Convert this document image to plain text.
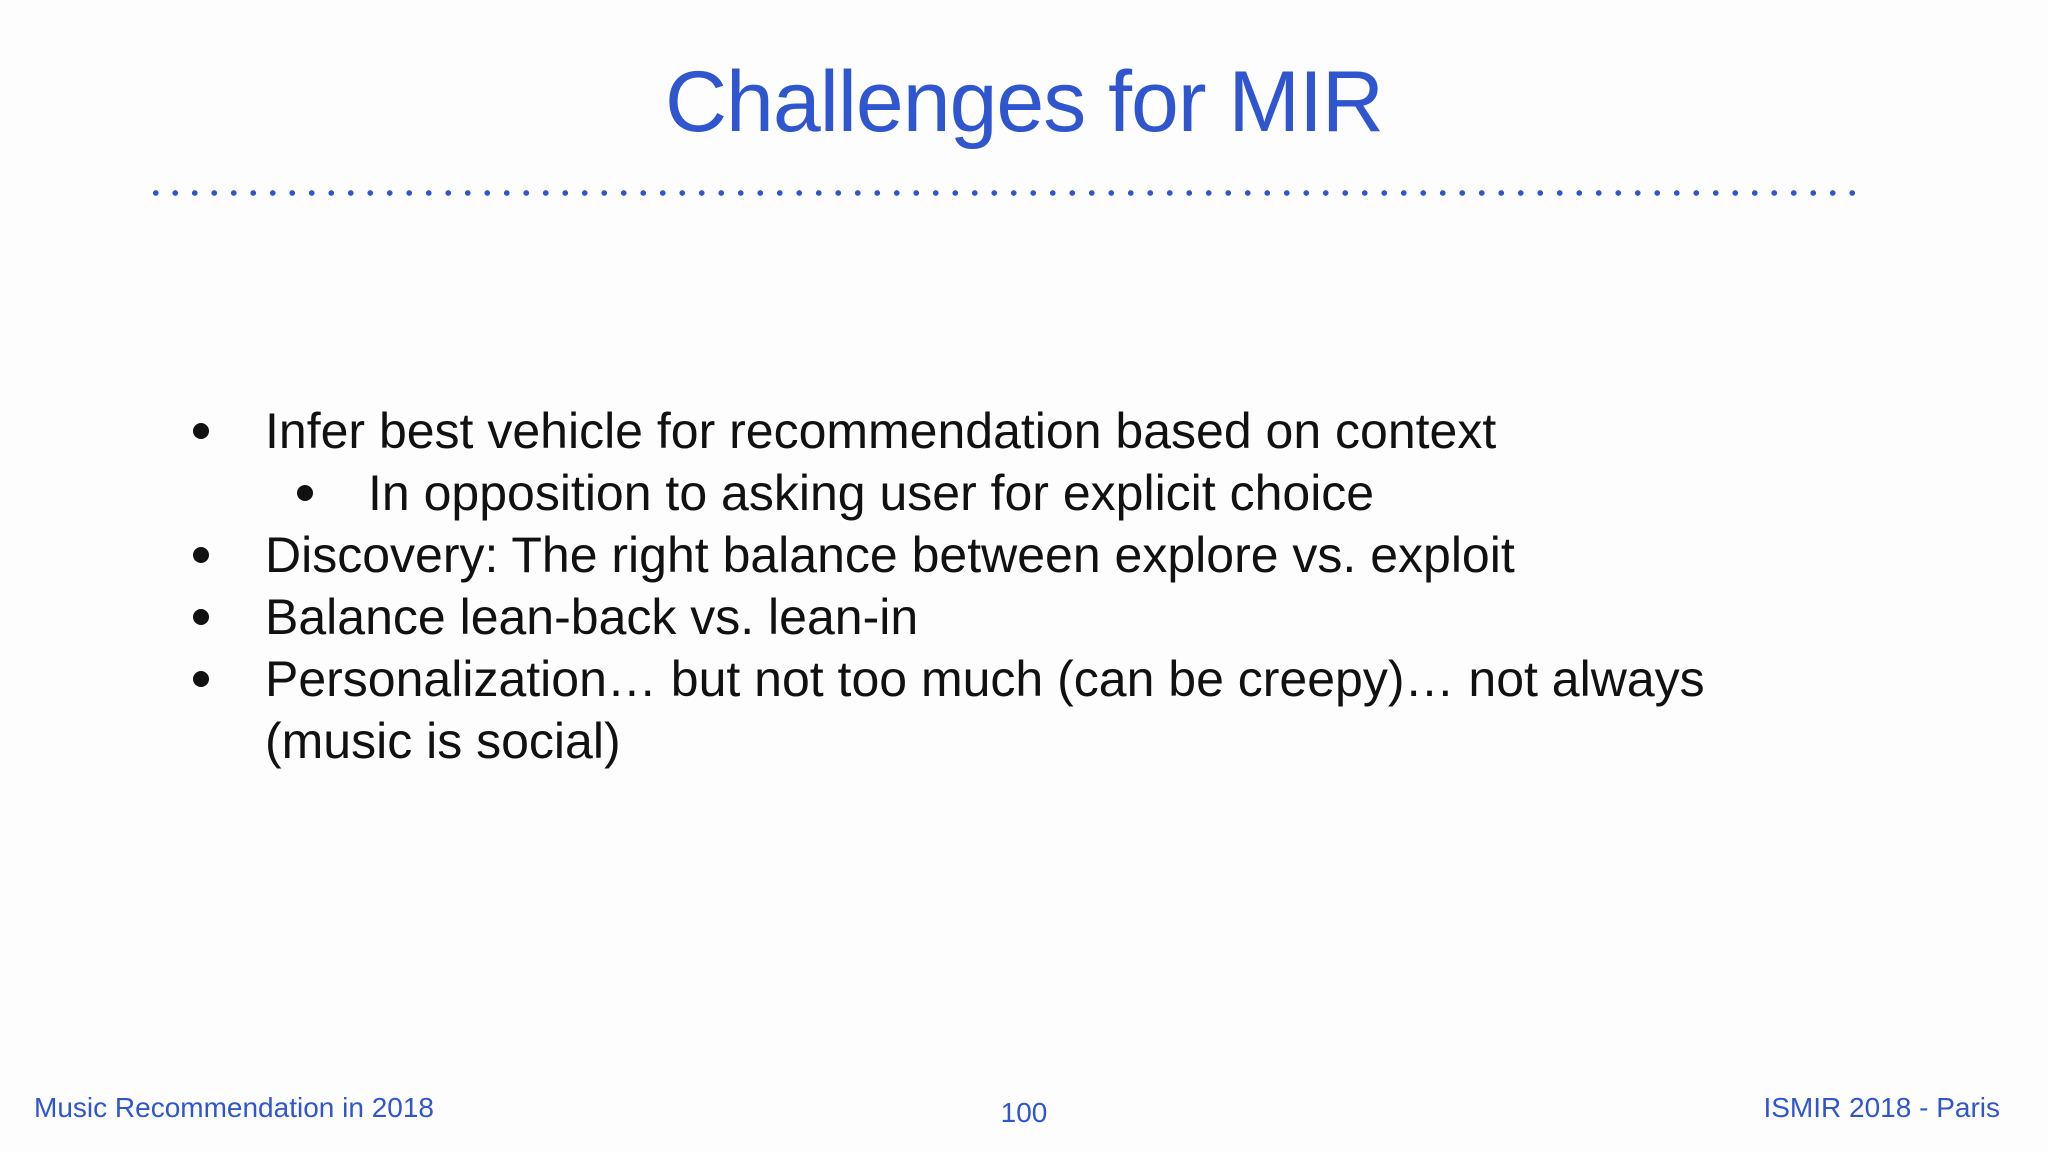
Challenges for MIR
Infer best vehicle for recommendation based on context
In opposition to asking user for explicit choice
Discovery: The right balance between explore vs. exploit
Balance lean-back vs. lean-in
Personalization… but not too much (can be creepy)… not always (music is social)
Music Recommendation in 2018	100	ISMIR 2018 - Paris
